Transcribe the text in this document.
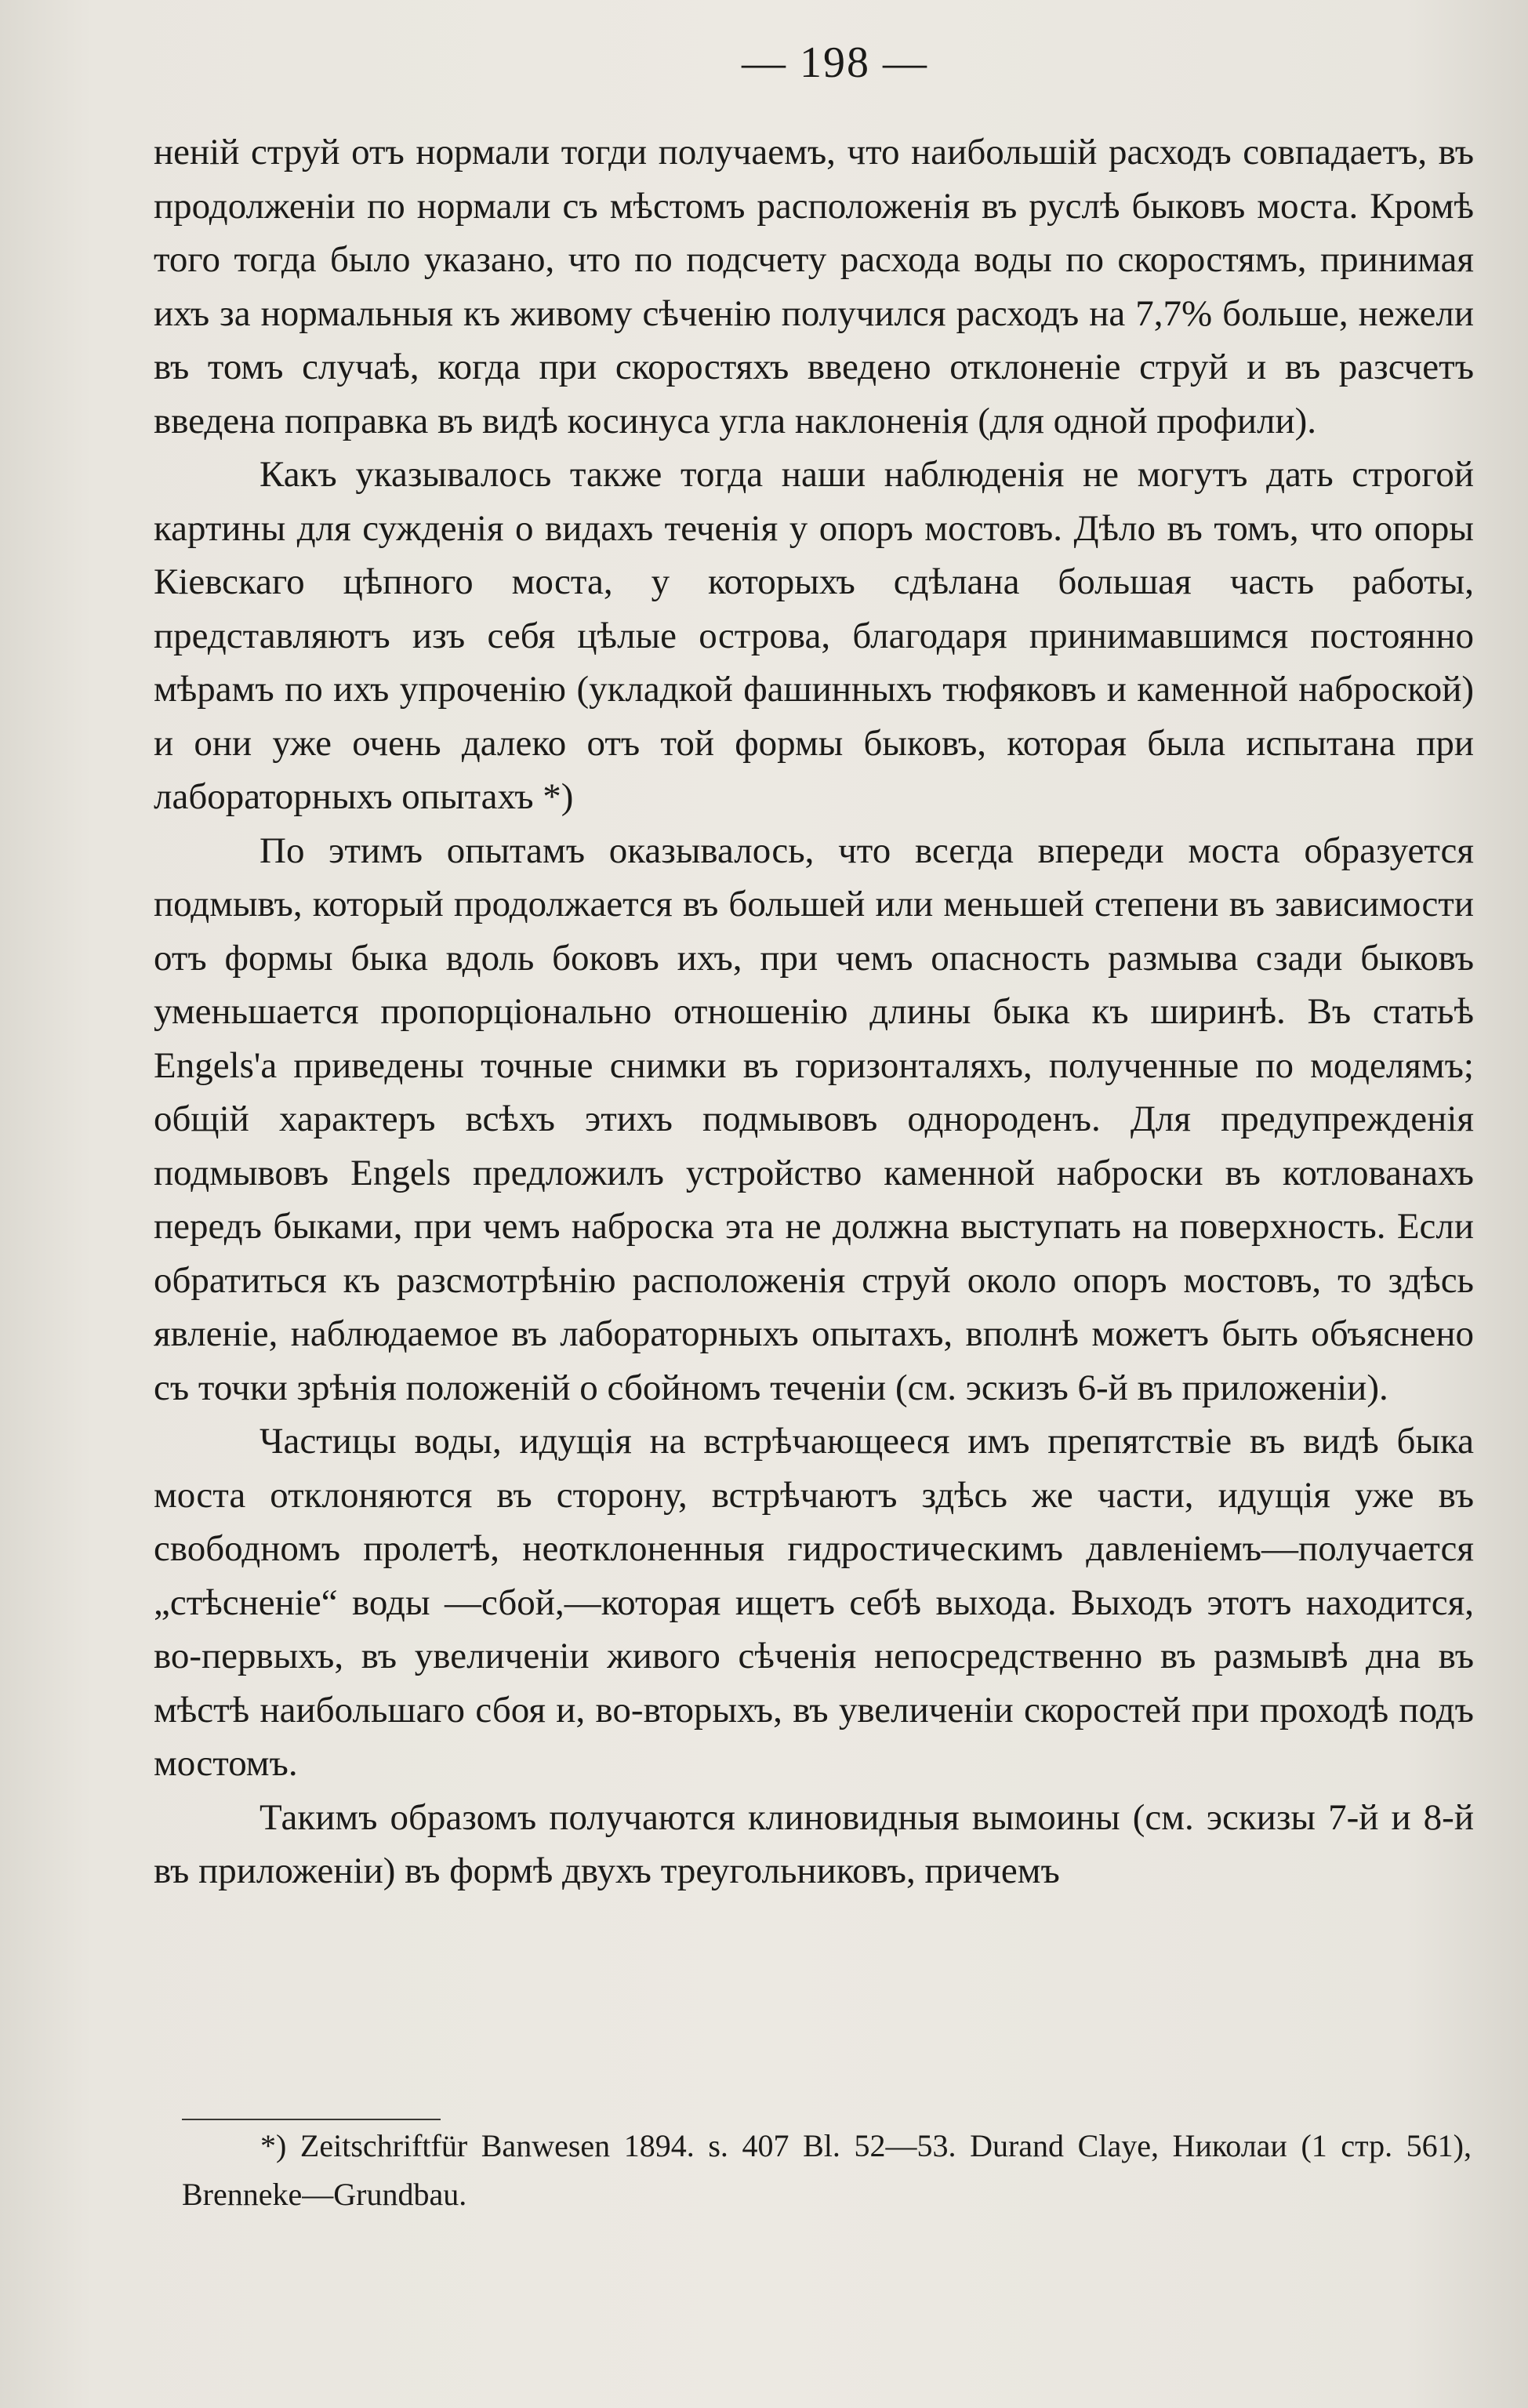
— 198 —

ненiй струй отъ нормали тогди получаемъ, что наибольшiй расходъ совпадаетъ, въ продолженiи по нормали съ мѣстомъ расположенiя въ руслѣ быковъ моста. Кромѣ того тогда было указано, что по подсчету расхода воды по скоростямъ, принимая ихъ за нормальныя къ живому сѣченiю получился расходъ на 7,7% больше, нежели въ томъ случаѣ, когда при скоростяхъ введено отклоненiе струй и въ разсчетъ введена поправка въ видѣ косинуса угла наклоненiя (для одной профили).

Какъ указывалось также тогда наши наблюденiя не могутъ дать строгой картины для сужденiя о видахъ теченiя у опоръ мостовъ. Дѣло въ томъ, что опоры Кiевскаго цѣпного моста, у которыхъ сдѣлана большая часть работы, представляютъ изъ себя цѣлые острова, благодаря принимавшимся постоянно мѣрамъ по ихъ упроченiю (укладкой фашинныхъ тюфяковъ и каменной наброской) и они уже очень далеко отъ той формы быковъ, которая была испытана при лабораторныхъ опытахъ *)

По этимъ опытамъ оказывалось, что всегда впереди моста образуется подмывъ, который продолжается въ большей или меньшей степени въ зависимости отъ формы быка вдоль боковъ ихъ, при чемъ опасность размыва сзади быковъ уменьшается пропорцiонально отношенiю длины быка къ ширинѣ. Въ статьѣ Engels'а приведены точные снимки въ горизонталяхъ, полученные по моделямъ; общiй характеръ всѣхъ этихъ подмывовъ однороденъ. Для предупрежденiя подмывовъ Engels предложилъ устройство каменной наброски въ котлованахъ передъ быками, при чемъ наброска эта не должна выступать на поверхность. Если обратиться къ разсмотрѣнiю расположенiя струй около опоръ мостовъ, то здѣсь явленiе, наблюдаемое въ лабораторныхъ опытахъ, вполнѣ можетъ быть объяснено съ точки зрѣнiя положенiй о сбойномъ теченiи (см. эскизъ 6-й въ приложенiи).

Частицы воды, идущiя на встрѣчающееся имъ препятствiе въ видѣ быка моста отклоняются въ сторону, встрѣчаютъ здѣсь же части, идущiя уже въ свободномъ пролетѣ, неотклоненныя гидростическимъ давленiемъ—получается „стѣсненiе“ воды —сбой,—которая ищетъ себѣ выхода. Выходъ этотъ находится, во-первыхъ, въ увеличенiи живого сѣченiя непосредственно въ размывѣ дна въ мѣстѣ наибольшаго сбоя и, во-вторыхъ, въ увеличенiи скоростей при проходѣ подъ мостомъ.

Такимъ образомъ получаются клиновидныя вымоины (см. эскизы 7-й и 8-й въ приложенiи) въ формѣ двухъ треугольниковъ, причемъ

*) Zeitschriftfür Banwesen 1894. s. 407 Bl. 52—53. Durand Claye, Николаи (1 стр. 561), Brenneke—Grundbau.
